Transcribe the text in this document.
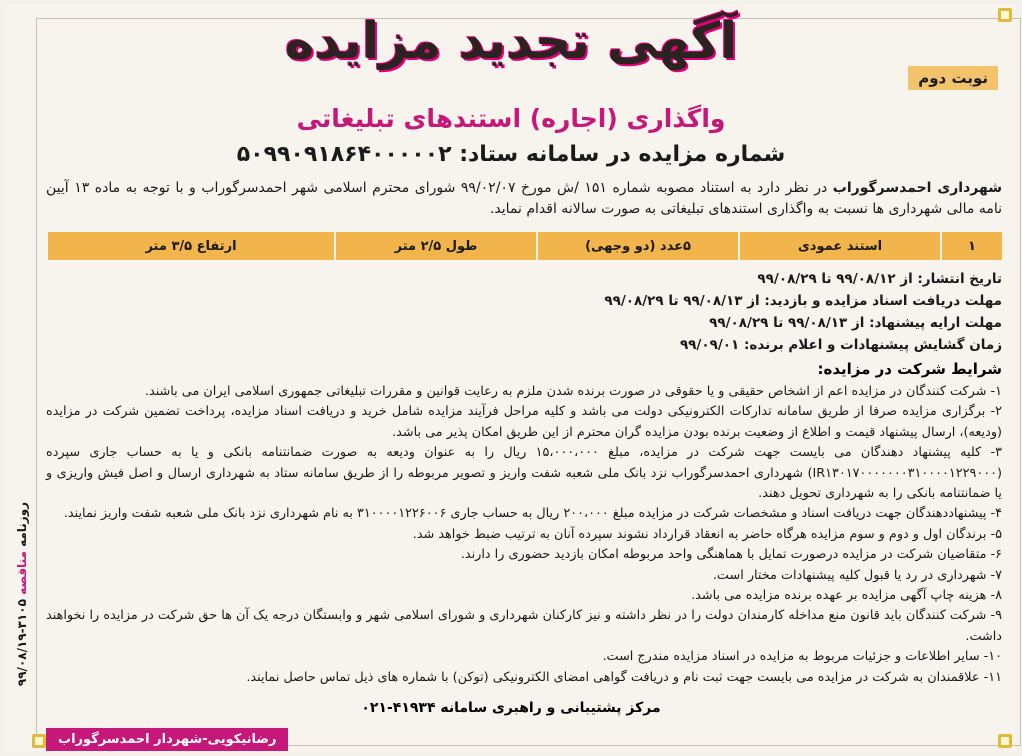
آگهی تجدید مزایده
نوبت دوم
واگذاری (اجاره) استندهای تبلیغاتی
شماره مزایده در سامانه ستاد: ۵۰۹۹۰۹۱۸۶۴۰۰۰۰۰۲
شهرداری احمدسرگوراب در نظر دارد به استناد مصوبه شماره ۱۵۱ /ش مورخ ۹۹/۰۲/۰۷ شورای محترم اسلامی شهر احمدسرگوراب و با توجه به ماده ۱۳ آیین نامه مالی شهرداری ها نسبت به واگذاری استندهای تبلیغاتی به صورت سالانه اقدام نماید.
۱
استند عمودی
۵عدد (دو وجهی)
طول ۲/۵ متر
ارتفاع ۳/۵ متر
تاریخ انتشار: از ۹۹/۰۸/۱۲ تا ۹۹/۰۸/۲۹
مهلت دریافت اسناد مزایده و بازدید: از ۹۹/۰۸/۱۳ تا ۹۹/۰۸/۲۹
مهلت ارایه پیشنهاد: از ۹۹/۰۸/۱۳ تا ۹۹/۰۸/۲۹
زمان گشایش پیشنهادات و اعلام برنده: ۹۹/۰۹/۰۱
شرایط شرکت در مزایده:

۱- شرکت کنندگان در مزایده اعم از اشخاص حقیقی و یا حقوقی در صورت برنده شدن ملزم به رعایت قوانین و مقررات تبلیغاتی جمهوری اسلامی ایران می باشند.

۲- برگزاری مزایده صرفا از طریق سامانه تدارکات الکترونیکی دولت می باشد و کلیه مراحل فرآیند مزایده شامل خرید و دریافت اسناد مزایده، پرداخت تضمین شرکت در مزایده (ودیعه)، ارسال پیشنهاد قیمت و اطلاع از وضعیت برنده بودن مزایده گران محترم از این طریق امکان پذیر می باشد.

۳- کلیه پیشنهاد دهندگان می بایست جهت شرکت در مزایده، مبلغ ۱۵،۰۰۰،۰۰۰ ریال را به عنوان ودیعه به صورت ضمانتنامه بانکی و یا به حساب جاری سپرده (IR۱۳۰۱۷۰۰۰۰۰۰۰۳۱۰۰۰۰۱۲۲۹۰۰۰) شهرداری احمدسرگوراب نزد بانک ملی شعبه شفت واریز و تصویر مربوطه را از طریق سامانه ستاد به شهرداری ارسال و اصل فیش واریزی و یا ضمانتنامه بانکی را به شهرداری تحویل دهند.

۴- پیشنهاددهندگان جهت دریافت اسناد و مشخصات شرکت در مزایده مبلغ ۲۰۰،۰۰۰ ریال به حساب جاری ۳۱۰۰۰۰۱۲۲۶۰۰۶ به نام شهرداری نزد بانک ملی شعبه شفت واریز نمایند.

۵- برندگان اول و دوم و سوم مزایده هرگاه حاضر به انعقاد قرارداد نشوند سپرده آنان به ترتیب ضبط خواهد شد.

۶- متقاضیان شرکت در مزایده درصورت تمایل با هماهنگی واحد مربوطه امکان بازدید حضوری را دارند.

۷- شهرداری در رد یا قبول کلیه پیشنهادات مختار است.

۸- هزینه چاپ آگهی مزایده بر عهده برنده مزایده می باشد.

۹- شرکت کنندگان باید قانون منع مداخله کارمندان دولت را در نظر داشته و نیز کارکنان شهرداری و شورای اسلامی شهر و وابستگان درجه یک آن ها حق شرکت در مزایده را نخواهند داشت.

۱۰- سایر اطلاعات و جزئیات مربوط به مزایده در اسناد مزایده مندرج است.

۱۱- علاقمندان به شرکت در مزایده می بایست جهت ثبت نام و دریافت گواهی امضای الکترونیکی (توکن) با شماره های ذیل تماس حاصل نمایند.

مرکز پشتیبانی و راهبری سامانه ۴۱۹۳۴-۰۲۱
رضانیکویی-شهردار احمدسرگوراب
روزنامه مناقصه ۳۱۰۵-۹۹/۰۸/۱۹
